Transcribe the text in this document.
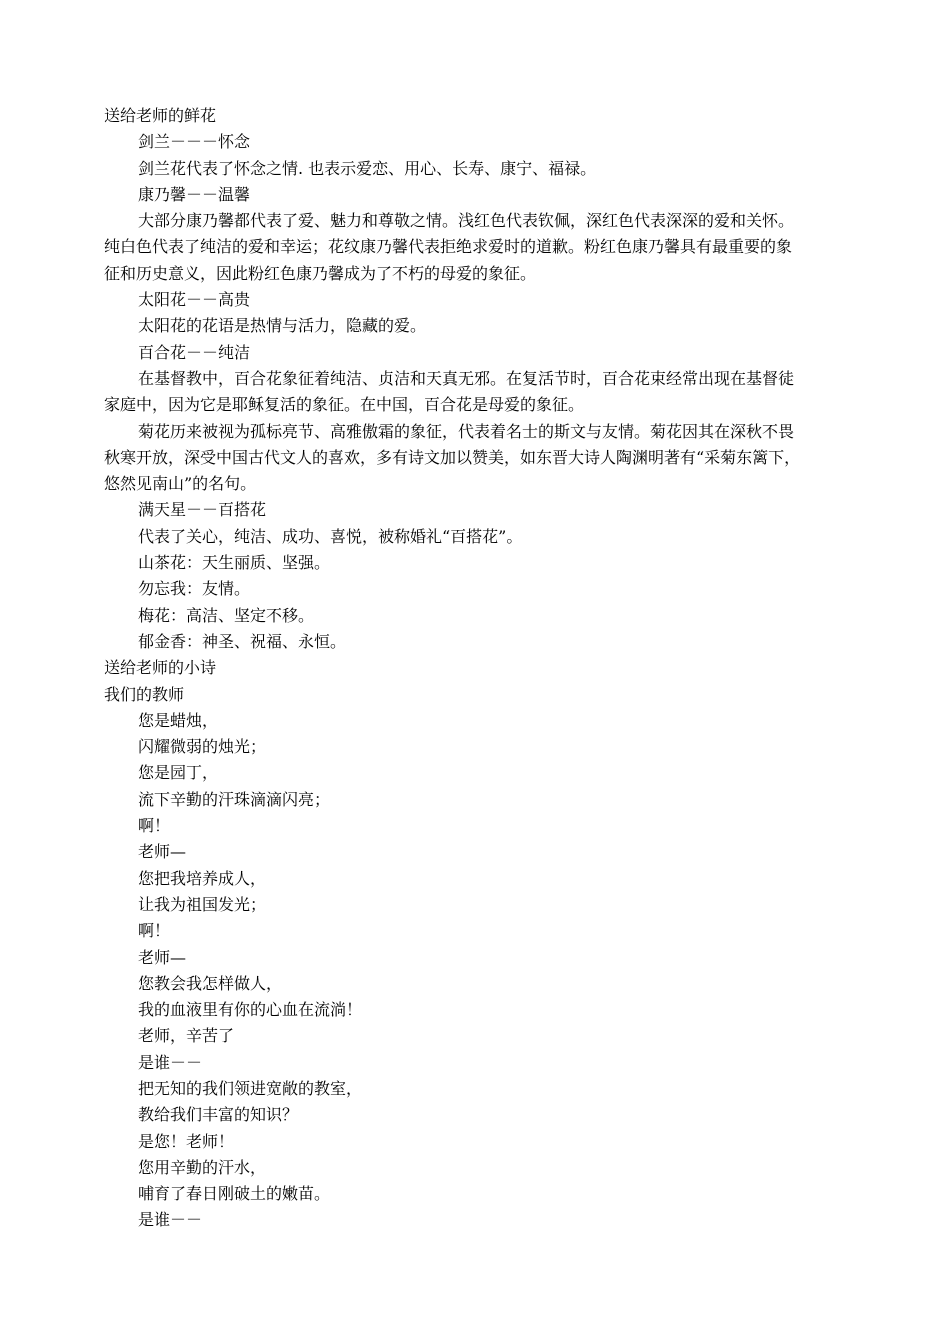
送给老师的鲜花
剑兰－－－怀念
剑兰花代表了怀念之情. 也表示爱恋、用心、长寿、康宁、福禄。
康乃馨－－温馨
大部分康乃馨都代表了爱、魅力和尊敬之情。浅红色代表钦佩，深红色代表深深的爱和关怀。
纯白色代表了纯洁的爱和幸运；花纹康乃馨代表拒绝求爱时的道歉。粉红色康乃馨具有最重要的象
征和历史意义，因此粉红色康乃馨成为了不朽的母爱的象征。
太阳花－－高贵
太阳花的花语是热情与活力，隐藏的爱。
百合花－－纯洁
在基督教中，百合花象征着纯洁、贞洁和天真无邪。在复活节时，百合花束经常出现在基督徒
家庭中，因为它是耶稣复活的象征。在中国，百合花是母爱的象征。
菊花历来被视为孤标亮节、高雅傲霜的象征，代表着名士的斯文与友情。菊花因其在深秋不畏
秋寒开放，深受中国古代文人的喜欢，多有诗文加以赞美，如东晋大诗人陶渊明著有“采菊东篱下，
悠然见南山”的名句。
满天星－－百搭花
代表了关心，纯洁、成功、喜悦，被称婚礼“百搭花”。
山茶花：天生丽质、坚强。
勿忘我：友情。
梅花：高洁、坚定不移。
郁金香：神圣、祝福、永恒。
送给老师的小诗
我们的教师
您是蜡烛，
闪耀微弱的烛光；
您是园丁，
流下辛勤的汗珠滴滴闪亮；
啊！
老师—
您把我培养成人，
让我为祖国发光；
啊！
老师—
您教会我怎样做人，
我的血液里有你的心血在流淌！
老师，辛苦了
是谁－－
把无知的我们领进宽敞的教室，
教给我们丰富的知识？
是您！老师！
您用辛勤的汗水，
哺育了春日刚破土的嫩苗。
是谁－－
